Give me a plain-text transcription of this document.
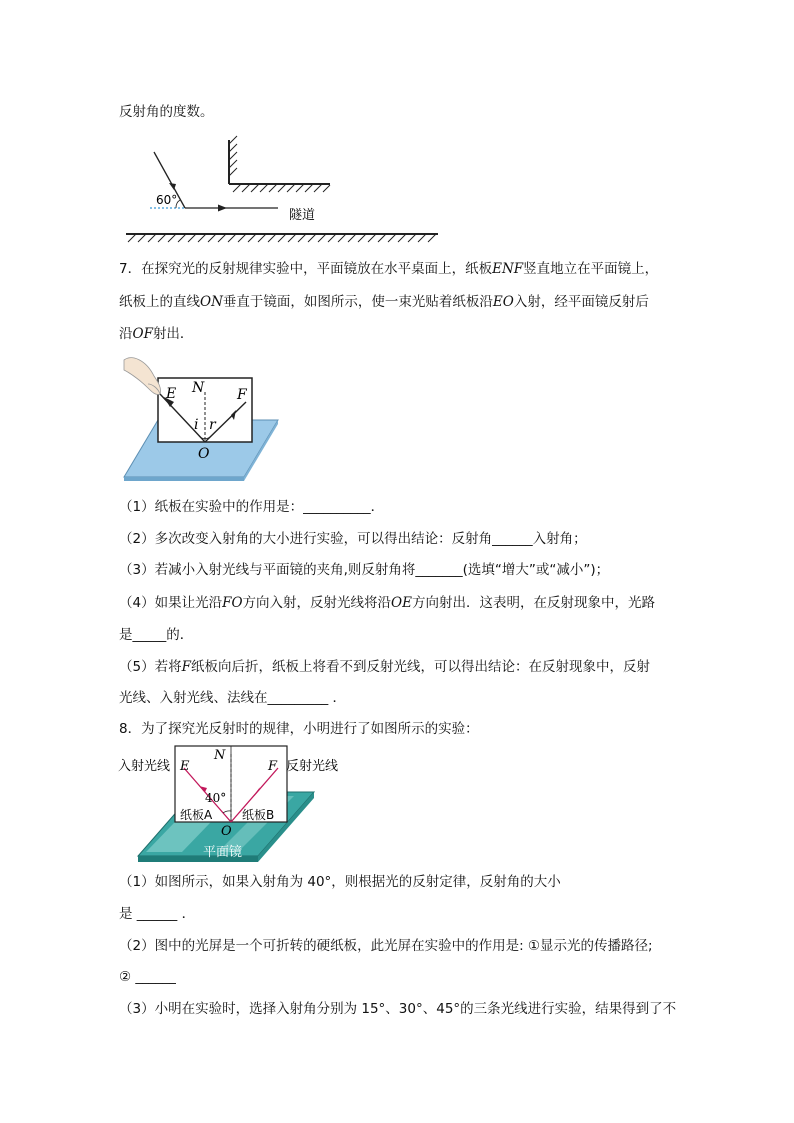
反射角的度数。
60°
隧道
7．在探究光的反射规律实验中，平面镜放在水平桌面上，纸板ENF竖直地立在平面镜上，
纸板上的直线ON垂直于镜面，如图所示，使一束光贴着纸板沿EO入射，经平面镜反射后
沿OF射出．
E N F
i r
O
（1）纸板在实验中的作用是：__________．
（2）多次改变入射角的大小进行实验，可以得出结论：反射角______入射角；
（3）若减小入射光线与平面镜的夹角,则反射角将_______(选填“增大”或“减小”)；
（4）如果让光沿FO方向入射，反射光线将沿OE方向射出．这表明，在反射现象中，光路
是_____的．
（5）若将F纸板向后折，纸板上将看不到反射光线，可以得出结论：在反射现象中，反射
光线、入射光线、法线在_________ ．
8．为了探究光反射时的规律，小明进行了如图所示的实验：
入射光线	反射光线
E
N
F
40°
纸板A 纸板B
O
平面镜
（1）如图所示，如果入射角为 40°，则根据光的反射定律，反射角的大小
是 ______ ．
（2）图中的光屏是一个可折转的硬纸板，此光屏在实验中的作用是: ①显示光的传播路径;
② ______
（3）小明在实验时，选择入射角分别为 15°、30°、45°的三条光线进行实验，结果得到了不
